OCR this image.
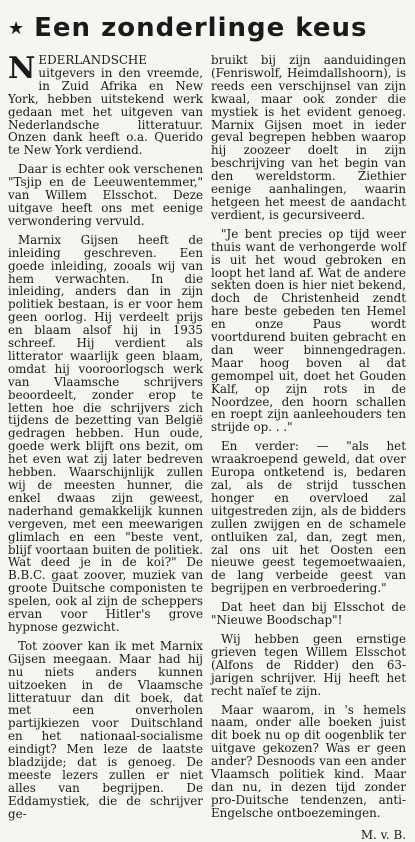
★ Een zonderlinge keus

NEDERLANDSCHE uitgevers in den vreemde, in Zuid Afrika en New York, hebben uitstekend werk gedaan met het uitgeven van Nederlandsche litteratuur. Onzen dank heeft o.a. Querido te New York verdiend.

Daar is echter ook verschenen "Tsjip en de Leeuwentemmer," van Willem Elsschot. Deze uitgave heeft ons met eenige verwondering vervuld.

Marnix Gijsen heeft de inleiding geschreven. Een goede inleiding, zooals wij van hem verwachten. In die inleiding, anders dan in zijn politiek bestaan, is er voor hem geen oorlog. Hij verdeelt prijs en blaam alsof hij in 1935 schreef. Hij verdient als litterator waarlijk geen blaam, omdat hij vooroorlogsch werk van Vlaamsche schrijvers beoordeelt, zonder erop te letten hoe die schrijvers zich tijdens de bezetting van België gedragen hebben. Hun oude, goede werk blijft ons bezit, om het even wat zij later bedreven hebben. Waarschijnlijk zullen wij de meesten hunner, die enkel dwaas zijn geweest, naderhand gemakkelijk kunnen vergeven, met een meewarigen glimlach en een "beste vent, blijf voortaan buiten de politiek. Wat deed je in de koi?" De B.B.C. gaat zoover, muziek van groote Duitsche componisten te spelen, ook al zijn de scheppers ervan voor Hitler's grove hypnose gezwicht.

Tot zoover kan ik met Marnix Gijsen meegaan. Maar had hij nu niets anders kunnen uitzoeken in de Vlaamsche litteratuur dan dit boek, dat met een onverholen partijkiezen voor Duitschland en het nationaal-socialisme eindigt? Men leze de laatste bladzijde; dat is genoeg. De meeste lezers zullen er niet alles van begrijpen. De Eddamystiek, die de schrijver ge-

bruikt bij zijn aanduidingen (Fenriswolf, Heimdallshoorn), is reeds een verschijnsel van zijn kwaal, maar ook zonder die mystiek is het evident genoeg. Marnix Gijsen moet in ieder geval begrepen hebben waarop hij zoozeer doelt in zijn beschrijving van het begin van den wereldstorm. Ziethier eenige aanhalingen, waarin hetgeen het meest de aandacht verdient, is gecursiveerd.

"Je bent precies op tijd weer thuis want de verhongerde wolf is uit het woud gebroken en loopt het land af. Wat de andere sekten doen is hier niet bekend, doch de Christenheid zendt hare beste gebeden ten Hemel en onze Paus wordt voortdurend buiten gebracht en dan weer binnengedragen. Maar hoog boven al dat gemompel uit, doet het Gouden Kalf, op zijn rots in de Noordzee, den hoorn schallen en roept zijn aanleehouders ten strijde op. . ."

En verder: — "als het wraakroepend geweld, dat over Europa ontketend is, bedaren zal, als de strijd tusschen honger en overvloed zal uitgestreden zijn, als de bidders zullen zwijgen en de schamele ontluiken zal, dan, zegt men, zal ons uit het Oosten een nieuwe geest tegemoetwaaien, de lang verbeide geest van begrijpen en verbroedering."

Dat heet dan bij Elsschot de "Nieuwe Boodschap"!

Wij hebben geen ernstige grieven tegen Willem Elsschot (Alfons de Ridder) den 63-jarigen schrijver. Hij heeft het recht naïef te zijn.

Maar waarom, in 's hemels naam, onder alle boeken juist dit boek nu op dit oogenblik ter uitgave gekozen? Was er geen ander? Desnoods van een ander Vlaamsch politiek kind. Maar dan nu, in dezen tijd zonder pro-Duitsche tendenzen, anti-Engelsche ontboezemingen.

M. v. B.
